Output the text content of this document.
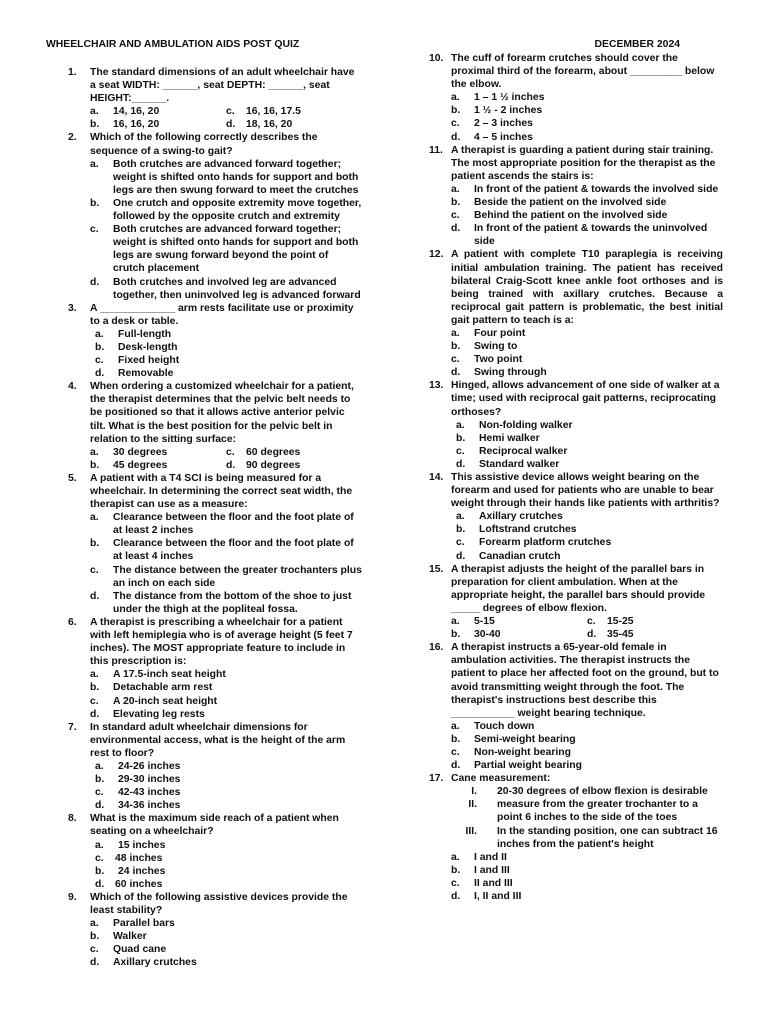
WHEELCHAIR AND AMBULATION AIDS POST QUIZ	DECEMBER 2024
1. The standard dimensions of an adult wheelchair have a seat WIDTH: ______, seat DEPTH: ______, seat HEIGHT:______.
a. 14, 16, 20	c. 16, 16, 17.5
b. 16, 16, 20	d. 18, 16, 20
2. Which of the following correctly describes the sequence of a swing-to gait?
a. Both crutches are advanced forward together; weight is shifted onto hands for support and both legs are then swung forward to meet the crutches
b. One crutch and opposite extremity move together, followed by the opposite crutch and extremity
c. Both crutches are advanced forward together; weight is shifted onto hands for support and both legs are swung forward beyond the point of crutch placement
d. Both crutches and involved leg are advanced together, then uninvolved leg is advanced forward
3. A _____________ arm rests facilitate use or proximity to a desk or table.
a. Full-length
b. Desk-length
c. Fixed height
d. Removable
4. When ordering a customized wheelchair for a patient, the therapist determines that the pelvic belt needs to be positioned so that it allows active anterior pelvic tilt. What is the best position for the pelvic belt in relation to the sitting surface:
a. 30 degrees	c. 60 degrees
b. 45 degrees	d. 90 degrees
5. A patient with a T4 SCI is being measured for a wheelchair. In determining the correct seat width, the therapist can use as a measure:
a. Clearance between the floor and the foot plate of at least 2 inches
b. Clearance between the floor and the foot plate of at least 4 inches
c. The distance between the greater trochanters plus an inch on each side
d. The distance from the bottom of the shoe to just under the thigh at the popliteal fossa.
6. A therapist is prescribing a wheelchair for a patient with left hemiplegia who is of average height (5 feet 7 inches). The MOST appropriate feature to include in this prescription is:
a. A 17.5-inch seat height
b. Detachable arm rest
c. A 20-inch seat height
d. Elevating leg rests
7. In standard adult wheelchair dimensions for environmental access, what is the height of the arm rest to floor?
a. 24-26 inches
b. 29-30 inches
c. 42-43 inches
d. 34-36 inches
8. What is the maximum side reach of a patient when seating on a wheelchair?
a. 15 inches
c. 48 inches
b. 24 inches
d. 60 inches
9. Which of the following assistive devices provide the least stability?
a. Parallel bars
b. Walker
c. Quad cane
d. Axillary crutches
10. The cuff of forearm crutches should cover the proximal third of the forearm, about _________ below the elbow.
a. 1 – 1 ½ inches
b. 1 ½ - 2 inches
c. 2 – 3 inches
d. 4 – 5 inches
11. A therapist is guarding a patient during stair training. The most appropriate position for the therapist as the patient ascends the stairs is:
a. In front of the patient & towards the involved side
b. Beside the patient on the involved side
c. Behind the patient on the involved side
d. In front of the patient & towards the uninvolved side
12. A patient with complete T10 paraplegia is receiving initial ambulation training. The patient has received bilateral Craig-Scott knee ankle foot orthoses and is being trained with axillary crutches. Because a reciprocal gait pattern is problematic, the best initial gait pattern to teach is a:
a. Four point
b. Swing to
c. Two point
d. Swing through
13. Hinged, allows advancement of one side of walker at a time; used with reciprocal gait patterns, reciprocating orthoses?
a. Non-folding walker
b. Hemi walker
c. Reciprocal walker
d. Standard walker
14. This assistive device allows weight bearing on the forearm and used for patients who are unable to bear weight through their hands like patients with arthritis?
a. Axillary crutches
b. Loftstrand crutches
c. Forearm platform crutches
d. Canadian crutch
15. A therapist adjusts the height of the parallel bars in preparation for client ambulation. When at the appropriate height, the parallel bars should provide _____ degrees of elbow flexion.
a. 5-15	c. 15-25
b. 30-40	d. 35-45
16. A therapist instructs a 65-year-old female in ambulation activities. The therapist instructs the patient to place her affected foot on the ground, but to avoid transmitting weight through the foot. The therapist's instructions best describe this ___________ weight bearing technique.
a. Touch down
b. Semi-weight bearing
c. Non-weight bearing
d. Partial weight bearing
17. Cane measurement:
I. 20-30 degrees of elbow flexion is desirable
II. measure from the greater trochanter to a point 6 inches to the side of the toes
III. In the standing position, one can subtract 16 inches from the patient's height
a. I and II
b. I and III
c. II and III
d. I, II and III
